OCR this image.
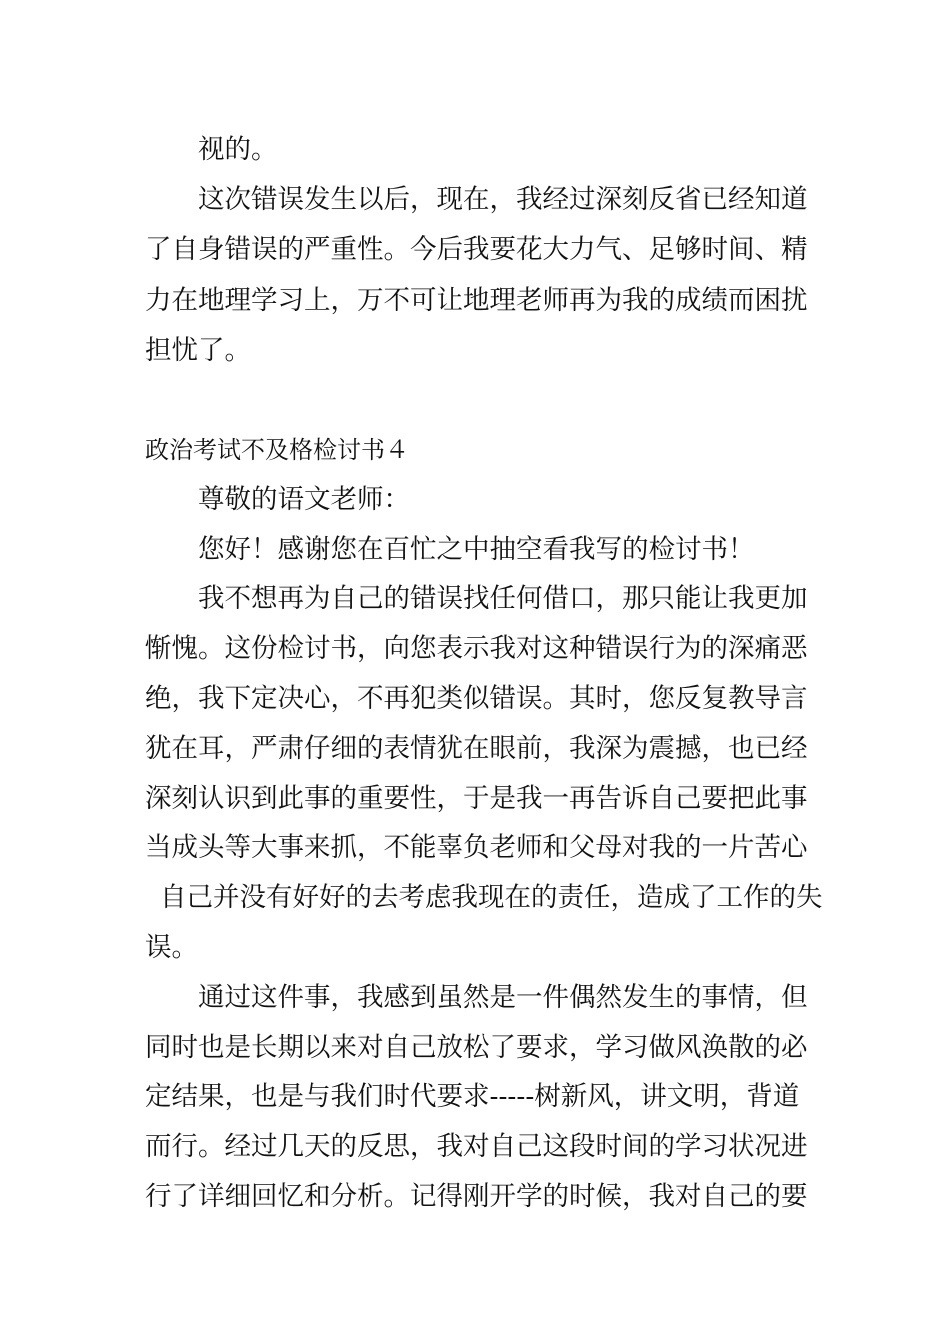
视的。
这次错误发生以后，现在，我经过深刻反省已经知道
了自身错误的严重性。今后我要花大力气、足够时间、精
力在地理学习上，万不可让地理老师再为我的成绩而困扰
担忧了。
政治考试不及格检讨书４
尊敬的语文老师：
您好！感谢您在百忙之中抽空看我写的检讨书！
我不想再为自己的错误找任何借口，那只能让我更加
惭愧。这份检讨书，向您表示我对这种错误行为的深痛恶
绝，我下定决心，不再犯类似错误。其时，您反复教导言
犹在耳，严肃仔细的表情犹在眼前，我深为震撼，也已经
深刻认识到此事的重要性，于是我一再告诉自己要把此事
当成头等大事来抓，不能辜负老师和父母对我的一片苦心
自己并没有好好的去考虑我现在的责任，造成了工作的失
误。
通过这件事，我感到虽然是一件偶然发生的事情，但
同时也是长期以来对自己放松了要求，学习做风涣散的必
定结果，也是与我们时代要求-----树新风，讲文明，背道
而行。经过几天的反思，我对自己这段时间的学习状况进
行了详细回忆和分析。记得刚开学的时候，我对自己的要
